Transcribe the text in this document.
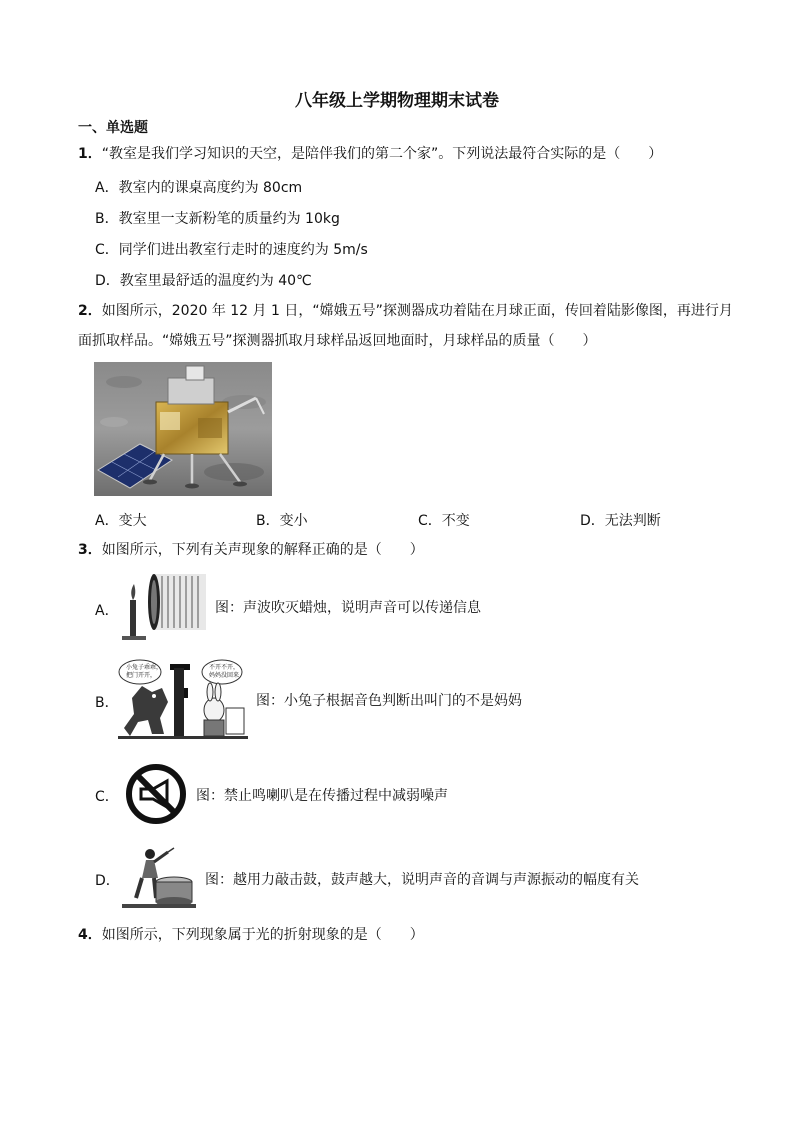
八年级上学期物理期末试卷
一、单选题
1．“教室是我们学习知识的天空，是陪伴我们的第二个家”。下列说法最符合实际的是（　　）
A．教室内的课桌高度约为 80cm
B．教室里一支新粉笔的质量约为 10kg
C．同学们进出教室行走时的速度约为 5m/s
D．教室里最舒适的温度约为 40℃
2．如图所示，2020 年 12 月 1 日，“嫦娥五号”探测器成功着陆在月球正面，传回着陆影像图，再进行月
面抓取样品。“嫦娥五号”探测器抓取月球样品返回地面时，月球样品的质量（　　）
A．变大	B．变小	C．不变	D．无法判断
3．如图所示，下列有关声现象的解释正确的是（　　）
A．	图：声波吹灭蜡烛，说明声音可以传递信息
B．
小兔子乖乖，
把门开开，
不开不开，
妈妈没回来
图：小兔子根据音色判断出叫门的不是妈妈
C．	图：禁止鸣喇叭是在传播过程中减弱噪声
D．	图：越用力敲击鼓，鼓声越大，说明声音的音调与声源振动的幅度有关
4．如图所示，下列现象属于光的折射现象的是（　　）
